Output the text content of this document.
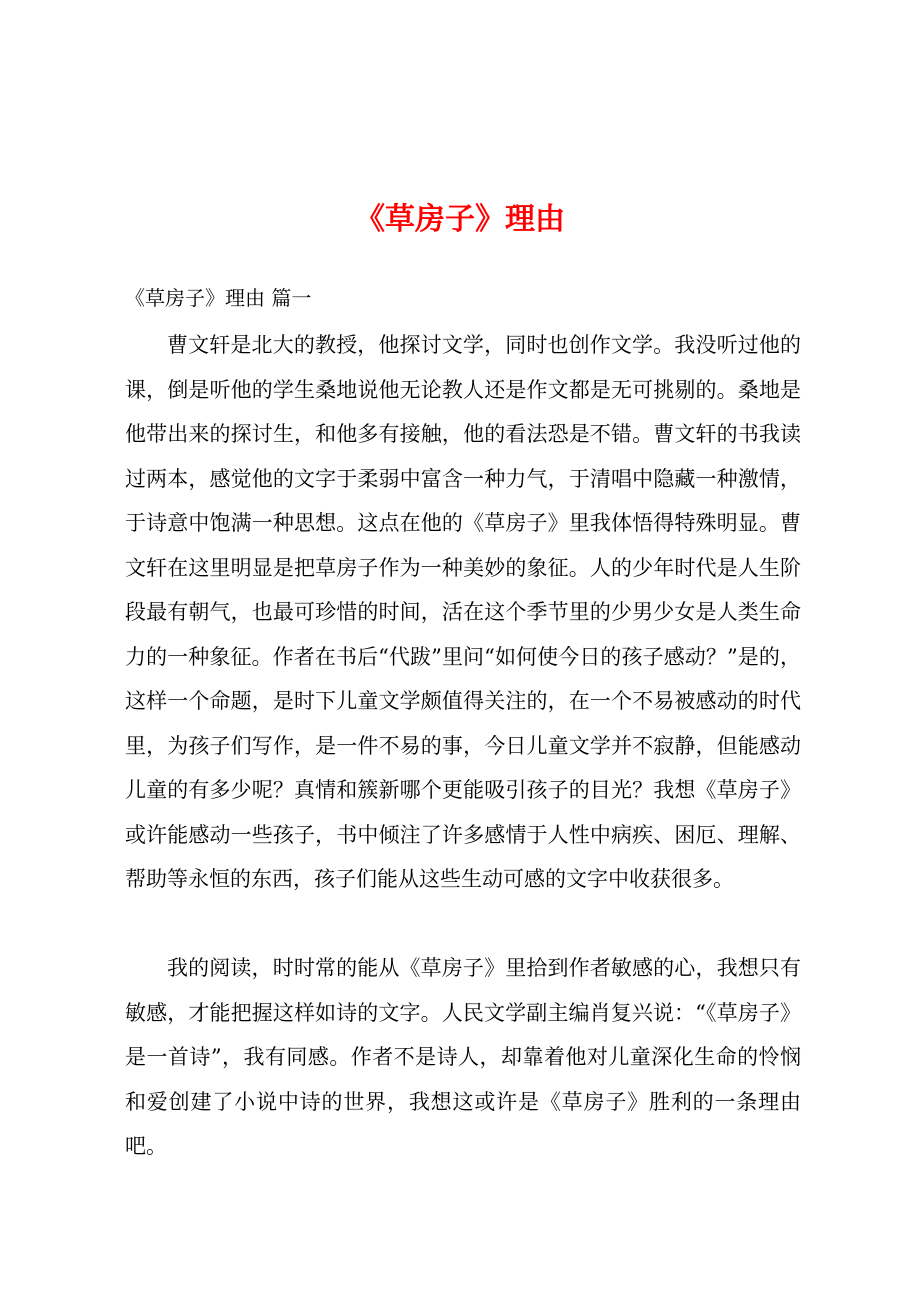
《草房子》理由

《草房子》理由 篇一

曹文轩是北大的教授，他探讨文学，同时也创作文学。我没听过他的课，倒是听他的学生桑地说他无论教人还是作文都是无可挑剔的。桑地是他带出来的探讨生，和他多有接触，他的看法恐是不错。曹文轩的书我读过两本，感觉他的文字于柔弱中富含一种力气，于清唱中隐藏一种激情，于诗意中饱满一种思想。这点在他的《草房子》里我体悟得特殊明显。曹文轩在这里明显是把草房子作为一种美妙的象征。人的少年时代是人生阶段最有朝气，也最可珍惜的时间，活在这个季节里的少男少女是人类生命力的一种象征。作者在书后“代跋”里问“如何使今日的孩子感动？”是的，这样一个命题，是时下儿童文学颇值得关注的，在一个不易被感动的时代里，为孩子们写作，是一件不易的事，今日儿童文学并不寂静，但能感动儿童的有多少呢？真情和簇新哪个更能吸引孩子的目光？我想《草房子》或许能感动一些孩子，书中倾注了许多感情于人性中病疾、困厄、理解、帮助等永恒的东西，孩子们能从这些生动可感的文字中收获很多。

我的阅读，时时常的能从《草房子》里拾到作者敏感的心，我想只有敏感，才能把握这样如诗的文字。人民文学副主编肖复兴说：“《草房子》是一首诗”，我有同感。作者不是诗人，却靠着他对儿童深化生命的怜悯和爱创建了小说中诗的世界，我想这或许是《草房子》胜利的一条理由吧。
